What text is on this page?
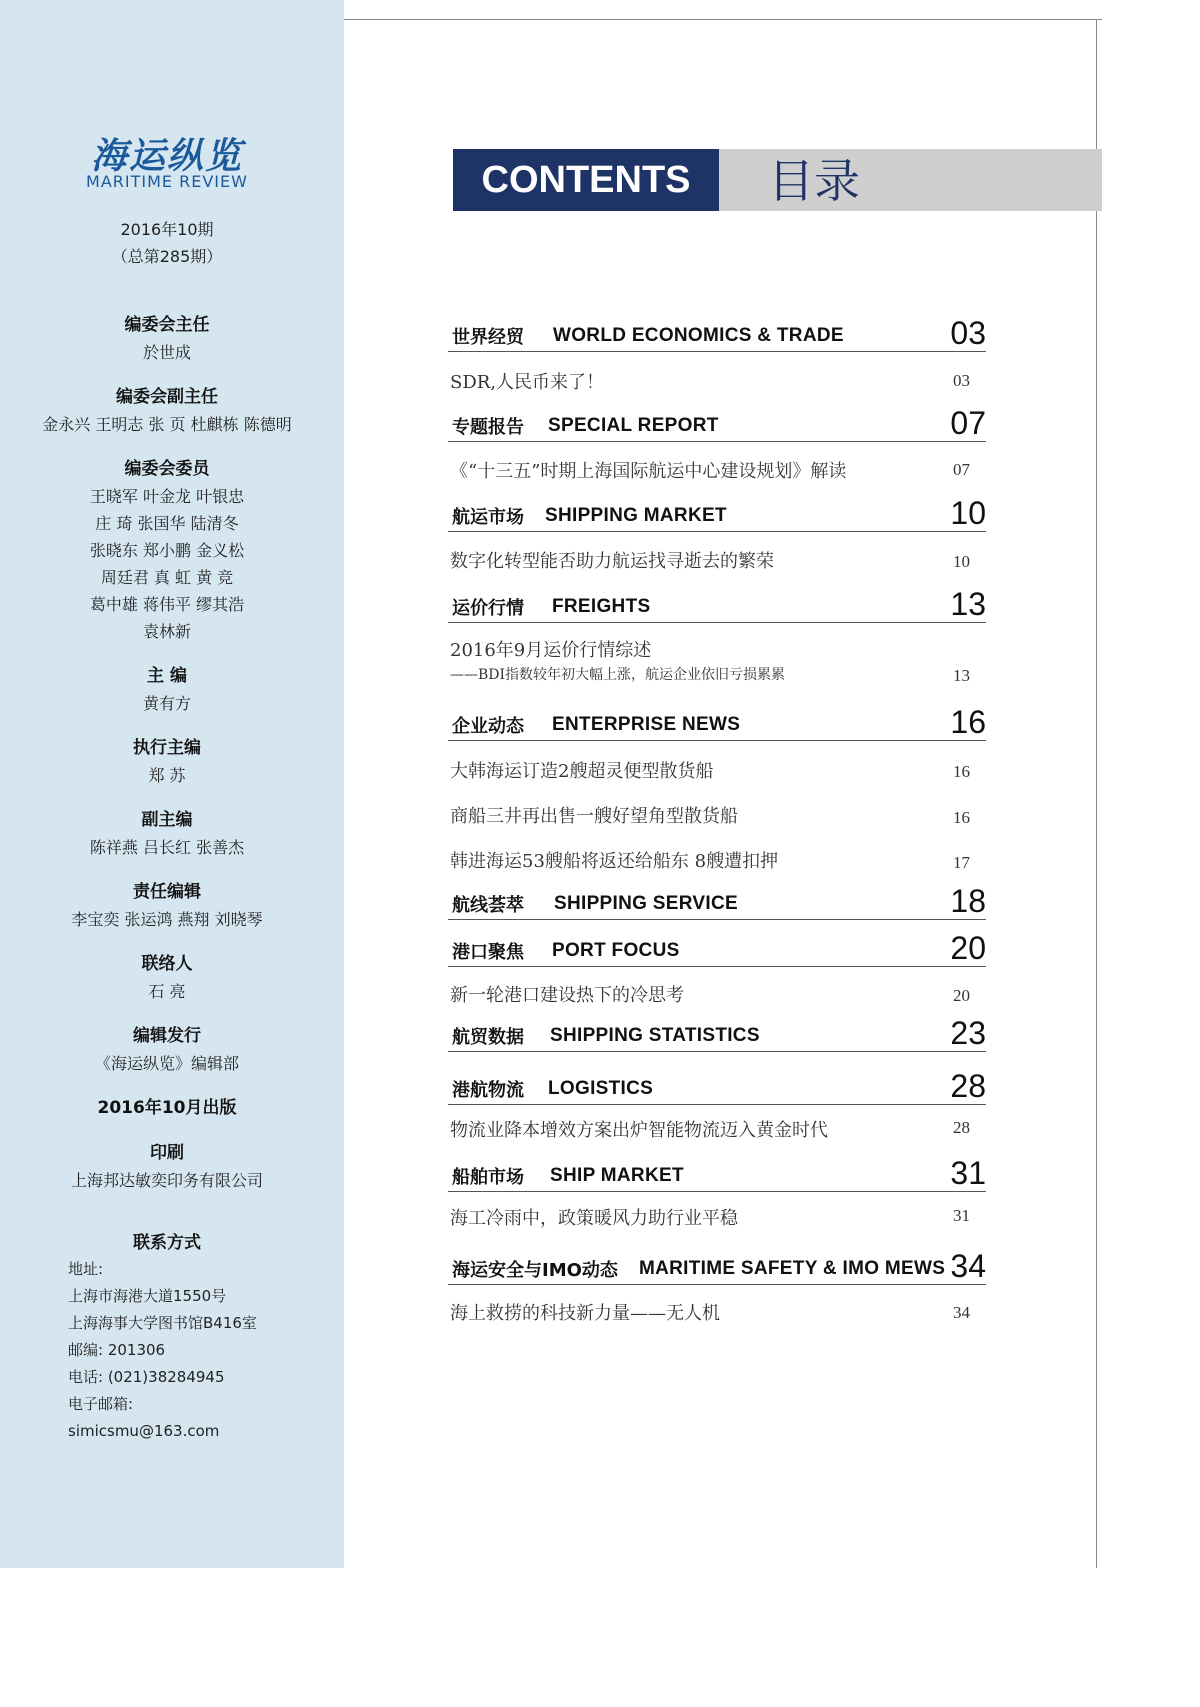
海运纵览
MARITIME REVIEW
2016年10期
（总第285期）
编委会主任
於世成
编委会副主任
金永兴 王明志 张 页 杜麒栋 陈德明
编委会委员
王晓军 叶金龙 叶银忠
庄 琦 张国华 陆清冬
张晓东 郑小鹏 金义松
周廷君 真 虹 黄 竞
葛中雄 蒋伟平 缪其浩
袁林新
主 编
黄有方
执行主编
郑 苏
副主编
陈祥燕 吕长红 张善杰
责任编辑
李宝奕 张运鸿 燕翔 刘晓琴
联络人
石 亮
编辑发行
《海运纵览》编辑部
2016年10月出版
印刷
上海邦达敏奕印务有限公司
联系方式
地址:
上海市海港大道1550号
上海海事大学图书馆B416室
邮编: 201306
电话: (021)38284945
电子邮箱:
simicsmu@163.com
CONTENTS	目录
世界经贸 WORLD ECONOMICS & TRADE	03
专题报告 SPECIAL REPORT	07
航运市场 SHIPPING MARKET	10
运价行情 FREIGHTS	13
企业动态 ENTERPRISE NEWS	16
航线荟萃 SHIPPING SERVICE	18
港口聚焦 PORT FOCUS	20
航贸数据 SHIPPING STATISTICS	23
港航物流 LOGISTICS	28
船舶市场 SHIP MARKET	31
海运安全与IMO动态 MARITIME SAFETY & IMO MEWS 34
SDR,人民币来了！	03
《“十三五”时期上海国际航运中心建设规划》解读	07
数字化转型能否助力航运找寻逝去的繁荣	10
2016年9月运价行情综述
——BDI指数较年初大幅上涨，航运企业依旧亏损累累	13
大韩海运订造2艘超灵便型散货船	16
商船三井再出售一艘好望角型散货船	16
韩进海运53艘船将返还给船东 8艘遭扣押	17
新一轮港口建设热下的冷思考	20
物流业降本增效方案出炉智能物流迈入黄金时代	28
海工冷雨中，政策暖风力助行业平稳	31
海上救捞的科技新力量——无人机	34
